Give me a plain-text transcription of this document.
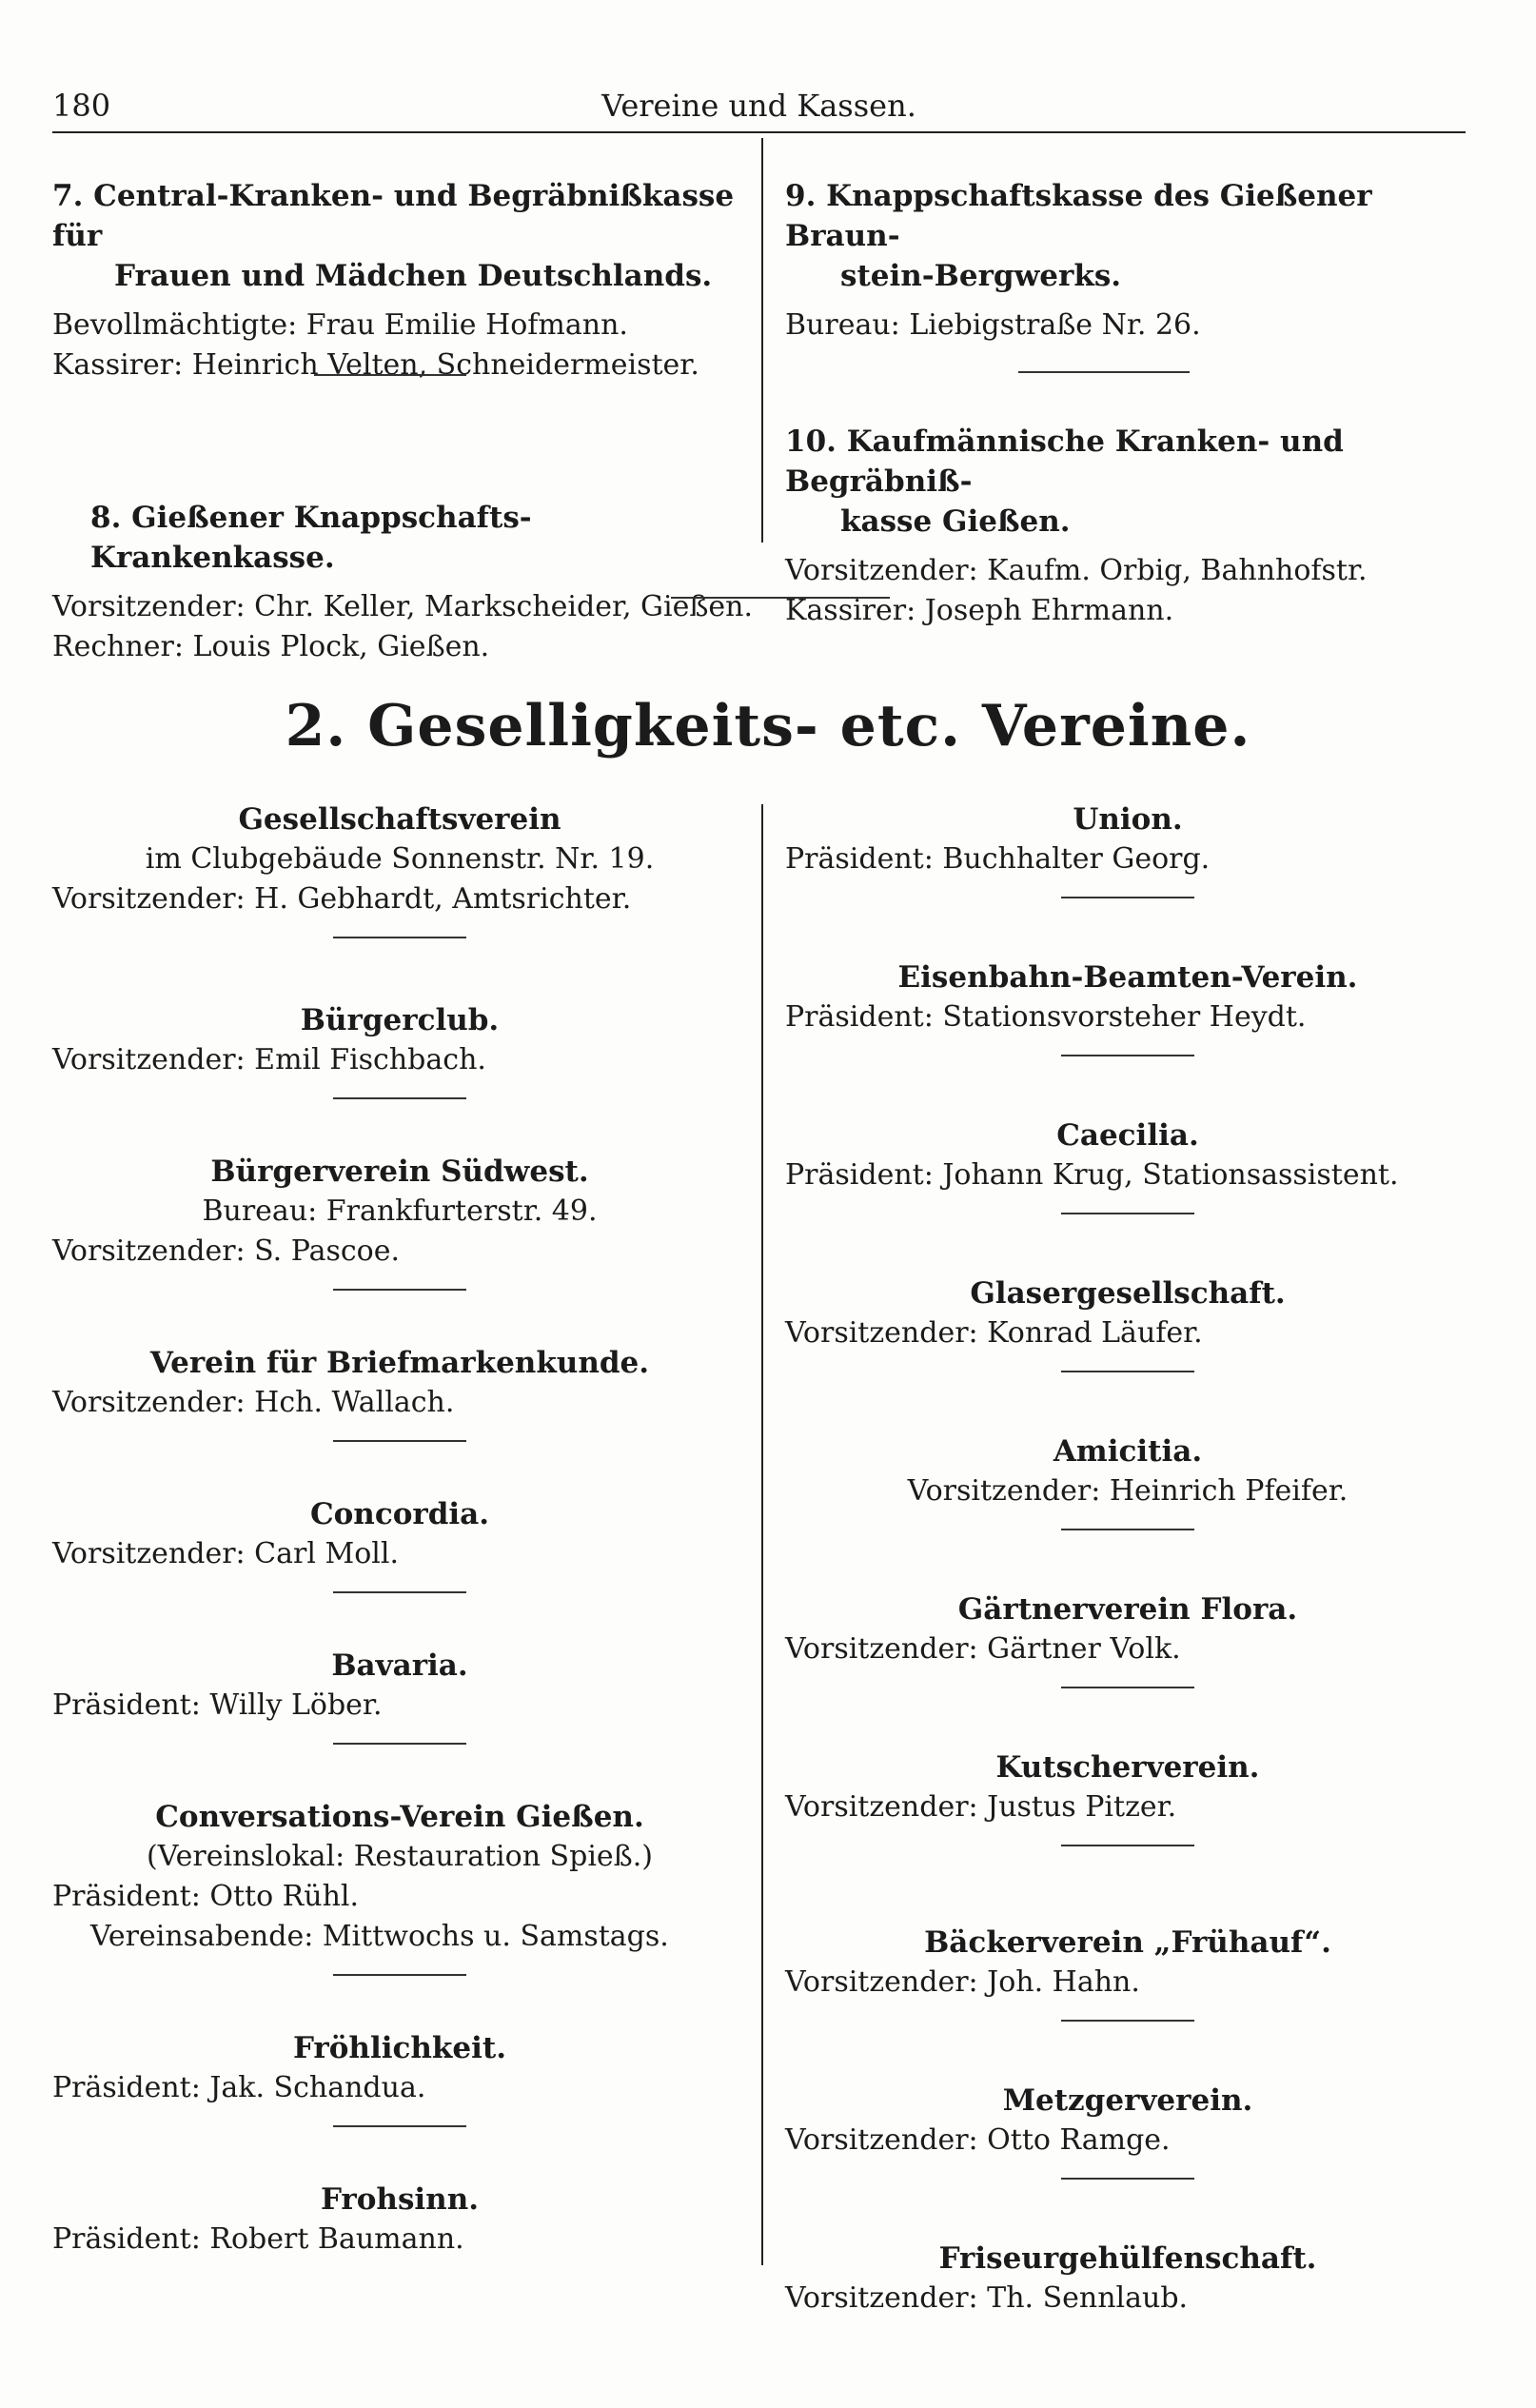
180	Vereine und Kassen.
7. Central-Kranken- und Begräbnißkasse für
Frauen und Mädchen Deutschlands.
Bevollmächtigte: Frau Emilie Hofmann.
Kassirer: Heinrich Velten, Schneidermeister.
8. Gießener Knappschafts-Krankenkasse.
Vorsitzender: Chr. Keller, Markscheider, Gießen.
Rechner: Louis Plock, Gießen.
9. Knappschaftskasse des Gießener Braun-
stein-Bergwerks.
Bureau: Liebigstraße Nr. 26.
10. Kaufmännische Kranken- und Begräbniß-
kasse Gießen.
Vorsitzender: Kaufm. Orbig, Bahnhofstr.
Kassirer: Joseph Ehrmann.
2. Geselligkeits- etc. Vereine.
Gesellschaftsverein
im Clubgebäude Sonnenstr. Nr. 19.
Vorsitzender: H. Gebhardt, Amtsrichter.
Bürgerclub.
Vorsitzender: Emil Fischbach.
Bürgerverein Südwest.
Bureau: Frankfurterstr. 49.
Vorsitzender: S. Pascoe.
Verein für Briefmarkenkunde.
Vorsitzender: Hch. Wallach.
Concordia.
Vorsitzender: Carl Moll.
Bavaria.
Präsident: Willy Löber.
Conversations-Verein Gießen.
(Vereinslokal: Restauration Spieß.)
Präsident: Otto Rühl.
Vereinsabende: Mittwochs u. Samstags.
Fröhlichkeit.
Präsident: Jak. Schandua.
Frohsinn.
Präsident: Robert Baumann.
Union.
Präsident: Buchhalter Georg.
Eisenbahn-Beamten-Verein.
Präsident: Stationsvorsteher Heydt.
Caecilia.
Präsident: Johann Krug, Stationsassistent.
Glasergesellschaft.
Vorsitzender: Konrad Läufer.
Amicitia.
Vorsitzender: Heinrich Pfeifer.
Gärtnerverein Flora.
Vorsitzender: Gärtner Volk.
Kutscherverein.
Vorsitzender: Justus Pitzer.
Bäckerverein „Frühauf“.
Vorsitzender: Joh. Hahn.
Metzgerverein.
Vorsitzender: Otto Ramge.
Friseurgehülfenschaft.
Vorsitzender: Th. Sennlaub.
